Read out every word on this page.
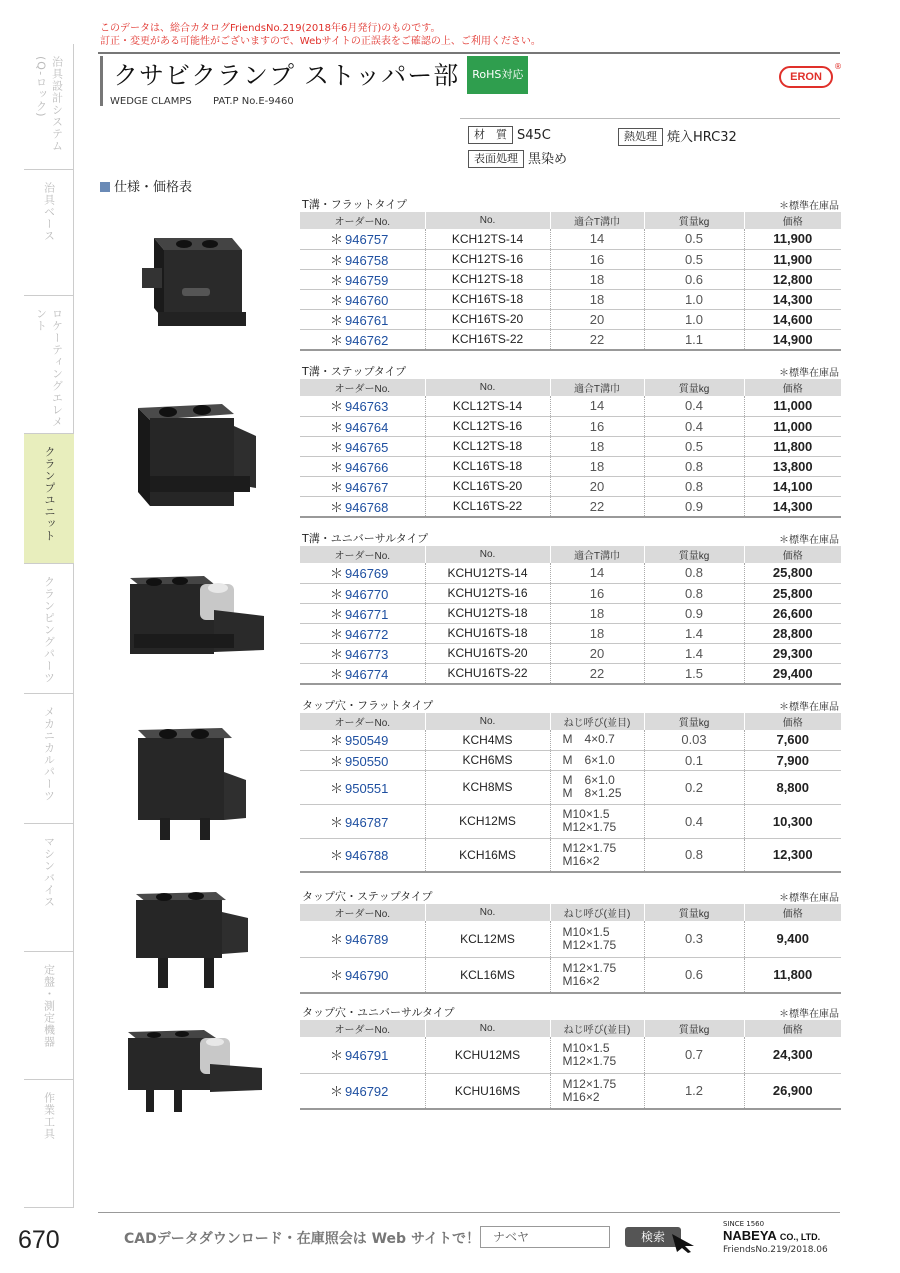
このデータは、総合カタログFriendsNo.219(2018年6月発行)のものです。
訂正・変更がある可能性がございますので、Webサイトの正誤表をご確認の上、ご利用ください。
クサビクランプ ストッパー部 RoHS対応
WEDGE CLAMPS PAT.P No.E-9460
ERON
®
材　質 S45C	熱処理 焼入HRC32
表面処理 黒染め
仕様・価格表
治具設計システム(Q-ロック)
治具ベース
ロケーティングエレメント
クランプユニット
クランピングパーツ
メカニカルパーツ
マシンバイス
定盤・測定機器
作業工具
T溝・フラットタイプ	＊標準在庫品
オーダーNo.	No.	適合T溝巾	質量kg	価格
＊ 946757	KCH12TS-14	14	0.5	11,900
＊ 946758	KCH12TS-16	16	0.5	11,900
＊ 946759	KCH12TS-18	18	0.6	12,800
＊ 946760	KCH16TS-18	18	1.0	14,300
＊ 946761	KCH16TS-20	20	1.0	14,600
＊ 946762	KCH16TS-22	22	1.1	14,900
T溝・ステップタイプ	＊標準在庫品
オーダーNo.	No.	適合T溝巾	質量kg	価格
＊ 946763	KCL12TS-14	14	0.4	11,000
＊ 946764	KCL12TS-16	16	0.4	11,000
＊ 946765	KCL12TS-18	18	0.5	11,800
＊ 946766	KCL16TS-18	18	0.8	13,800
＊ 946767	KCL16TS-20	20	0.8	14,100
＊ 946768	KCL16TS-22	22	0.9	14,300
T溝・ユニバーサルタイプ	＊標準在庫品
オーダーNo.	No.	適合T溝巾	質量kg	価格
＊ 946769	KCHU12TS-14	14	0.8	25,800
＊ 946770	KCHU12TS-16	16	0.8	25,800
＊ 946771	KCHU12TS-18	18	0.9	26,600
＊ 946772	KCHU16TS-18	18	1.4	28,800
＊ 946773	KCHU16TS-20	20	1.4	29,300
＊ 946774	KCHU16TS-22	22	1.5	29,400
タップ穴・フラットタイプ	＊標準在庫品
オーダーNo.	No.	ねじ呼び(並目)	質量kg	価格
＊ 950549	KCH4MS	M　4×0.7	0.03	7,600
＊ 950550	KCH6MS	M　6×1.0	0.1	7,900
＊ 950551	KCH8MS	M　6×1.0
M　8×1.25	0.2	8,800
＊ 946787	KCH12MS	M10×1.5
M12×1.75	0.4	10,300
＊ 946788	KCH16MS	M12×1.75
M16×2	0.8	12,300
タップ穴・ステップタイプ	＊標準在庫品
オーダーNo.	No.	ねじ呼び(並目)	質量kg	価格
＊ 946789	KCL12MS	M10×1.5
M12×1.75	0.3	9,400
＊ 946790	KCL16MS	M12×1.75
M16×2	0.6	11,800
タップ穴・ユニバーサルタイプ	＊標準在庫品
オーダーNo.	No.	ねじ呼び(並目)	質量kg	価格
＊ 946791	KCHU12MS	M10×1.5
M12×1.75	0.7	24,300
＊ 946792	KCHU16MS	M12×1.75
M16×2	1.2	26,900
670	CADデータダウンロード・在庫照会は Web サイトで！	ナベヤ	検索
SINCE 1560
NABEYA CO., LTD.
FriendsNo.219/2018.06
